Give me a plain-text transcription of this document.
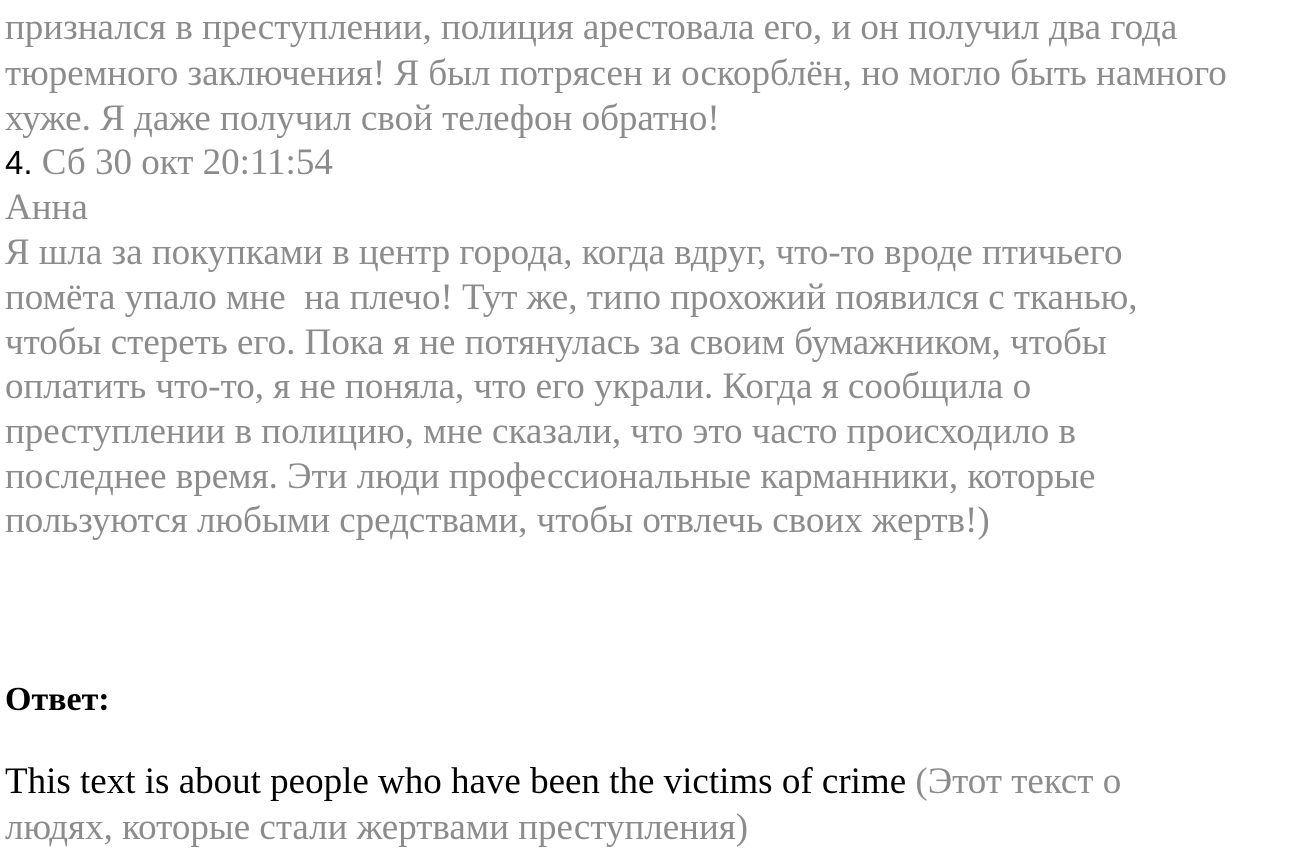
признался в преступлении, полиция арестовала его, и он получил два года
тюремного заключения! Я был потрясен и оскорблён, но могло быть намного
хуже. Я даже получил свой телефон обратно!
4. Сб 30 окт 20:11:54
Анна
Я шла за покупками в центр города, когда вдруг, что-то вроде птичьего
помёта упало мне  на плечо! Тут же, типо прохожий появился с тканью,
чтобы стереть его. Пока я не потянулась за своим бумажником, чтобы
оплатить что-то, я не поняла, что его украли. Когда я сообщила о
преступлении в полицию, мне сказали, что это часто происходило в
последнее время. Эти люди профессиональные карманники, которые
пользуются любыми средствами, чтобы отвлечь своих жертв!)
Ответ:
This text is about people who have been the victims of crime (Этот текст о
людях, которые стали жертвами преступления)
